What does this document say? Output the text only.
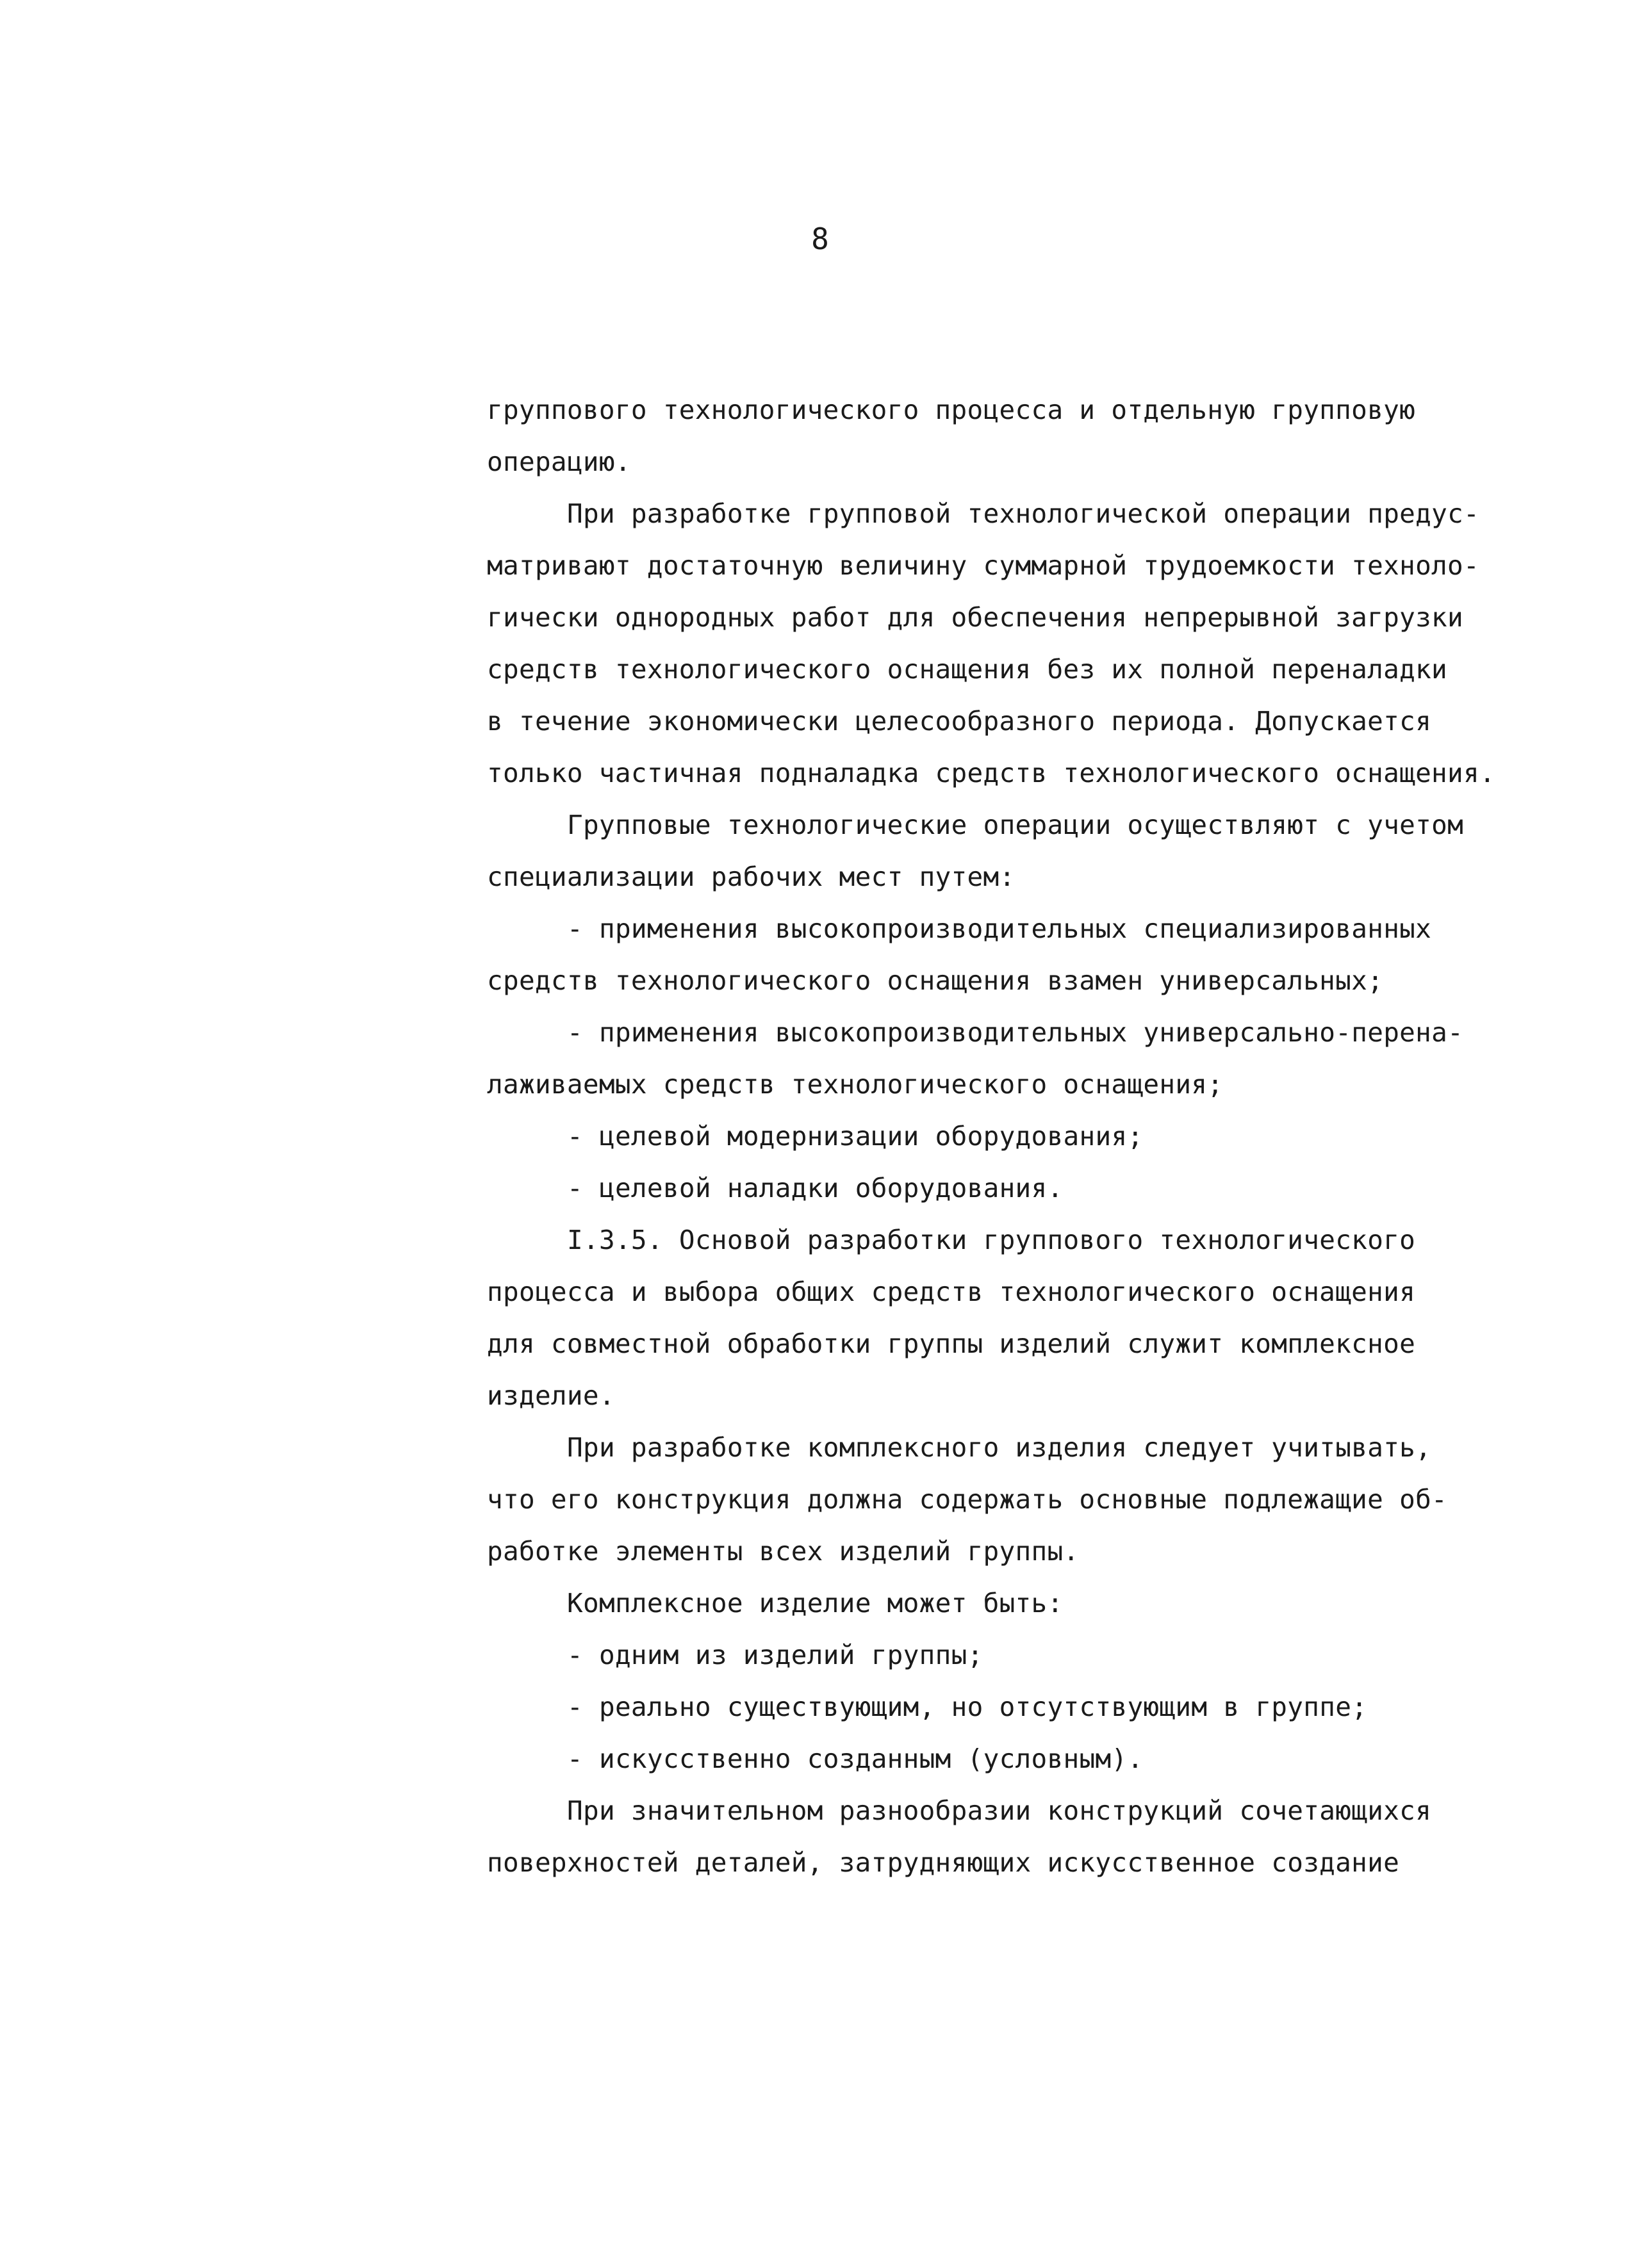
8
группового технологического процесса и отдельную групповую
операцию.
При разработке групповой технологической операции предус-
матривают достаточную величину суммарной трудоемкости техноло-
гически однородных работ для обеспечения непрерывной загрузки
средств технологического оснащения без их полной переналадки
в течение экономически целесообразного периода. Допускается
только частичная подналадка средств технологического оснащения.
Групповые технологические операции осуществляют с учетом
специализации рабочих мест путем:
- применения высокопроизводительных специализированных
средств технологического оснащения взамен универсальных;
- применения высокопроизводительных универсально-перена-
лаживаемых средств технологического оснащения;
- целевой модернизации оборудования;
- целевой наладки оборудования.
I.3.5. Основой разработки группового технологического
процесса и выбора общих средств технологического оснащения
для совместной обработки группы изделий служит комплексное
изделие.
При разработке комплексного изделия следует учитывать,
что его конструкция должна содержать основные подлежащие об-
работке элементы всех изделий группы.
Комплексное изделие может быть:
- одним из изделий группы;
- реально существующим, но отсутствующим в группе;
- искусственно созданным (условным).
При значительном разнообразии конструкций сочетающихся
поверхностей деталей, затрудняющих искусственное создание
